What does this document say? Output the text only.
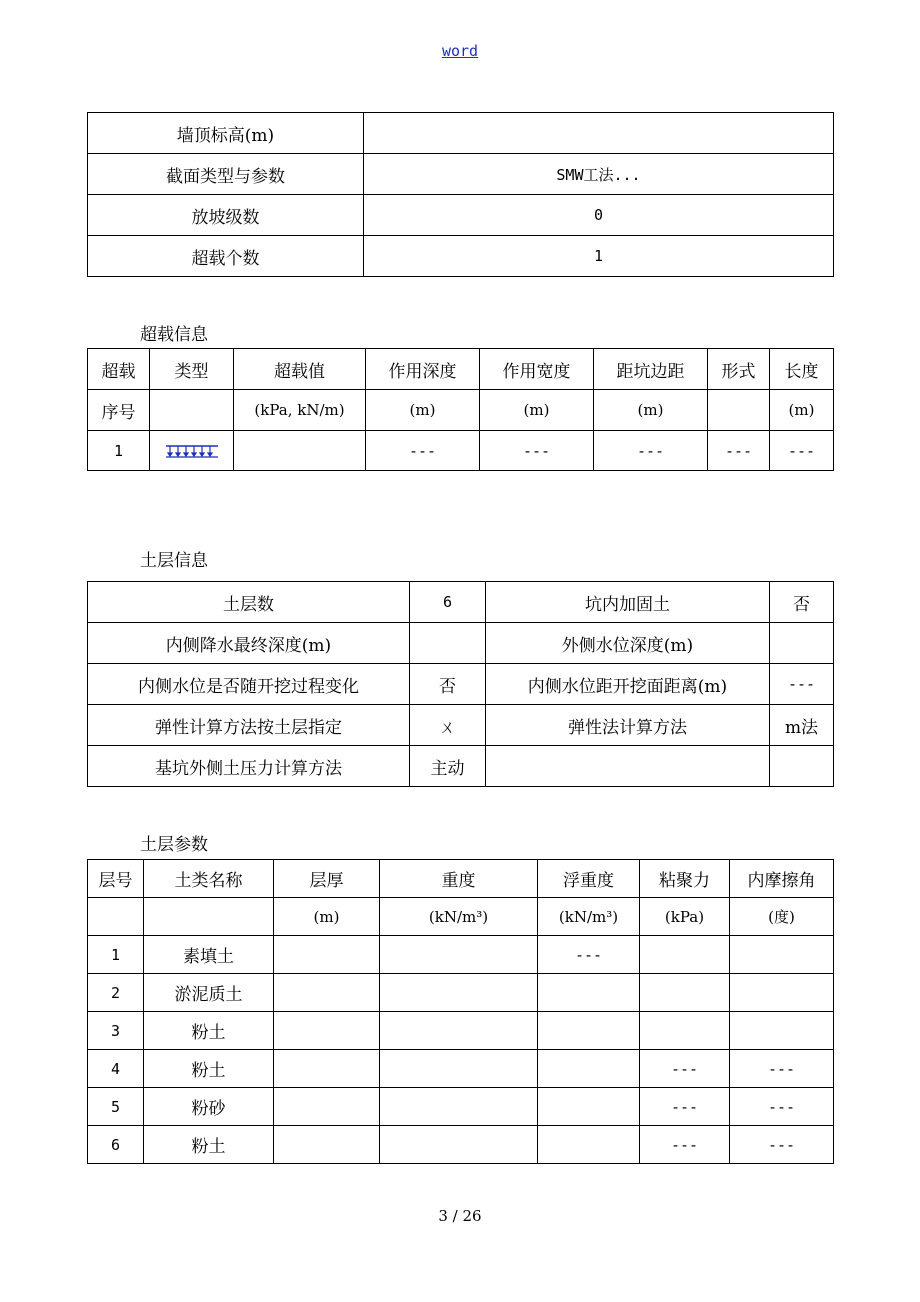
word
墙顶标高(m)	
截面类型与参数	SMW工法...
放坡级数	0
超载个数	1
超载信息
超载	类型	超载值	作用深度	作用宽度	距坑边距	形式	长度
序号		(kPa, kN/m)	(m)	(m)	(m)		(m)
1			---	---	---	---	---
土层信息
土层数	6	坑内加固土	否
内侧降水最终深度(m)		外侧水位深度(m)	
内侧水位是否随开挖过程变化	否	内侧水位距开挖面距离(m)	---
弹性计算方法按土层指定	ㄨ	弹性法计算方法	m法
基坑外侧土压力计算方法	主动		
土层参数
层号	土类名称	层厚	重度	浮重度	粘聚力	内摩擦角
		(m)	(kN/m³)	(kN/m³)	(kPa)	(度)
1	素填土			---		
2	淤泥质土					
3	粉土					
4	粉土				---	---
5	粉砂				---	---
6	粉土				---	---
3 / 26
